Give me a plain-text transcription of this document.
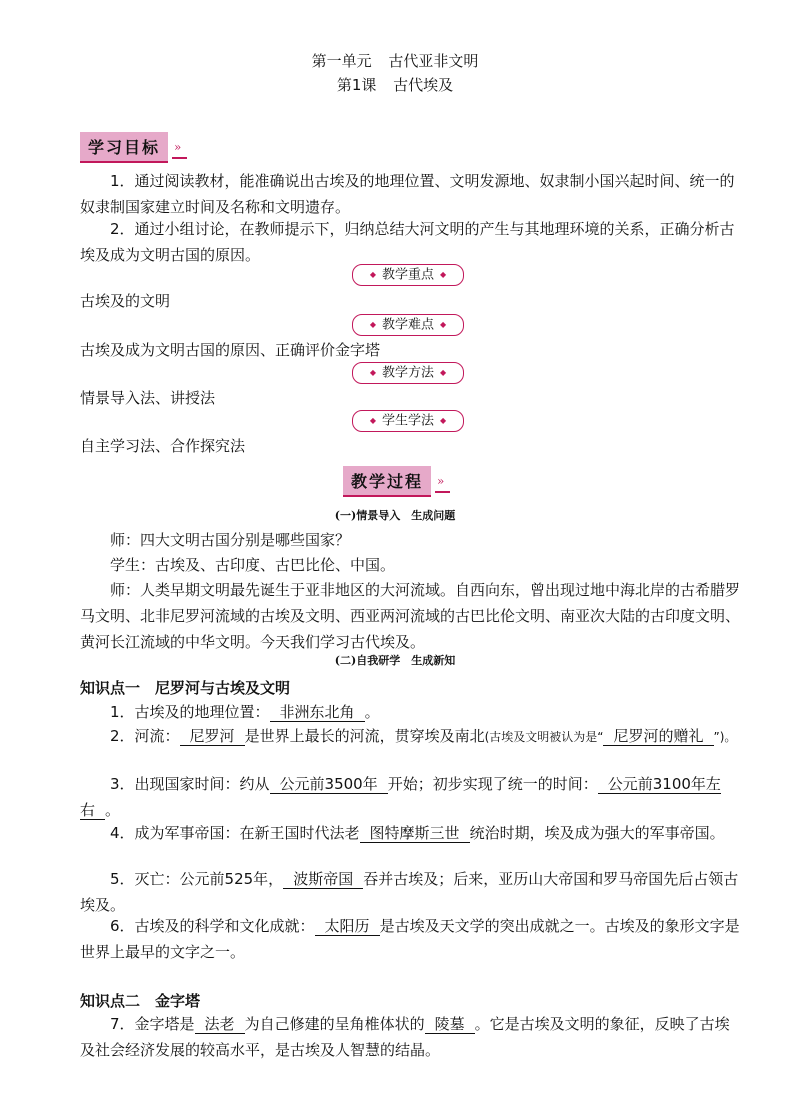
第一单元 古代亚非文明
第1课 古代埃及
学习目标	»
1．通过阅读教材，能准确说出古埃及的地理位置、文明发源地、奴隶制小国兴起时间、统一的奴隶制国家建立时间及名称和文明遗存。
2．通过小组讨论，在教师提示下，归纳总结大河文明的产生与其地理环境的关系，正确分析古埃及成为文明古国的原因。
◆ 教学重点 ◆
古埃及的文明
◆ 教学难点 ◆
古埃及成为文明古国的原因、正确评价金字塔
◆ 教学方法 ◆
情景导入法、讲授法
◆ 学生学法 ◆
自主学习法、合作探究法
教学过程	»
(一)情景导入　生成问题
师：四大文明古国分别是哪些国家？
学生：古埃及、古印度、古巴比伦、中国。
师：人类早期文明最先诞生于亚非地区的大河流域。自西向东，曾出现过地中海北岸的古希腊罗马文明、北非尼罗河流域的古埃及文明、西亚两河流域的古巴比伦文明、南亚次大陆的古印度文明、黄河长江流域的中华文明。今天我们学习古代埃及。
(二)自我研学　生成新知
知识点一　尼罗河与古埃及文明
1．古埃及的地理位置： 非洲东北角 。
2．河流： 尼罗河 是世界上最长的河流，贯穿埃及南北(古埃及文明被认为是“ 尼罗河的赠礼 ”)。
3．出现国家时间：约从 公元前3500年 开始；初步实现了统一的时间： 公元前3100年左右 。
4．成为军事帝国：在新王国时代法老 图特摩斯三世 统治时期，埃及成为强大的军事帝国。
5．灭亡：公元前525年， 波斯帝国 吞并古埃及；后来，亚历山大帝国和罗马帝国先后占领古埃及。
6．古埃及的科学和文化成就： 太阳历 是古埃及天文学的突出成就之一。古埃及的象形文字是世界上最早的文字之一。
知识点二　金字塔
7．金字塔是 法老 为自己修建的呈角椎体状的 陵墓 。它是古埃及文明的象征，反映了古埃及社会经济发展的较高水平，是古埃及人智慧的结晶。
